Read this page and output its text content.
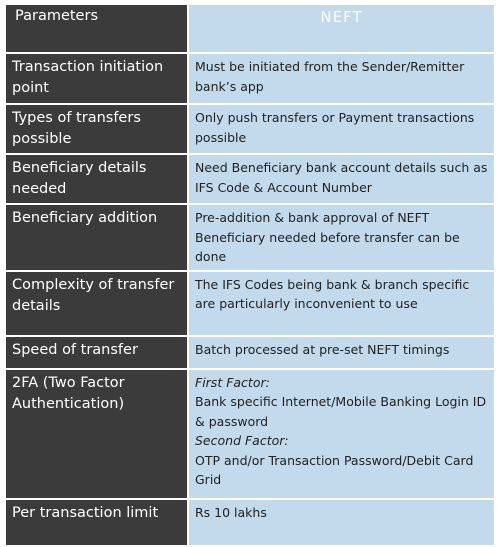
Parameters	NEFT
Transaction initiation point	Must be initiated from the Sender/Remitter bank’s app
Types of transfers possible	Only push transfers or Payment transactions possible
Beneficiary details needed	Need Beneficiary bank account details such as IFS Code & Account Number
Beneficiary addition	Pre-addition & bank approval of NEFT Beneficiary needed before transfer can be done
Complexity of transfer details	The IFS Codes being bank & branch specific are particularly inconvenient to use
Speed of transfer	Batch processed at pre-set NEFT timings
2FA (Two Factor Authentication)	First Factor:
Bank specific Internet/Mobile Banking Login ID & password
Second Factor:
OTP and/or Transaction Password/Debit Card Grid

Per transaction limit	Rs 10 lakhs
